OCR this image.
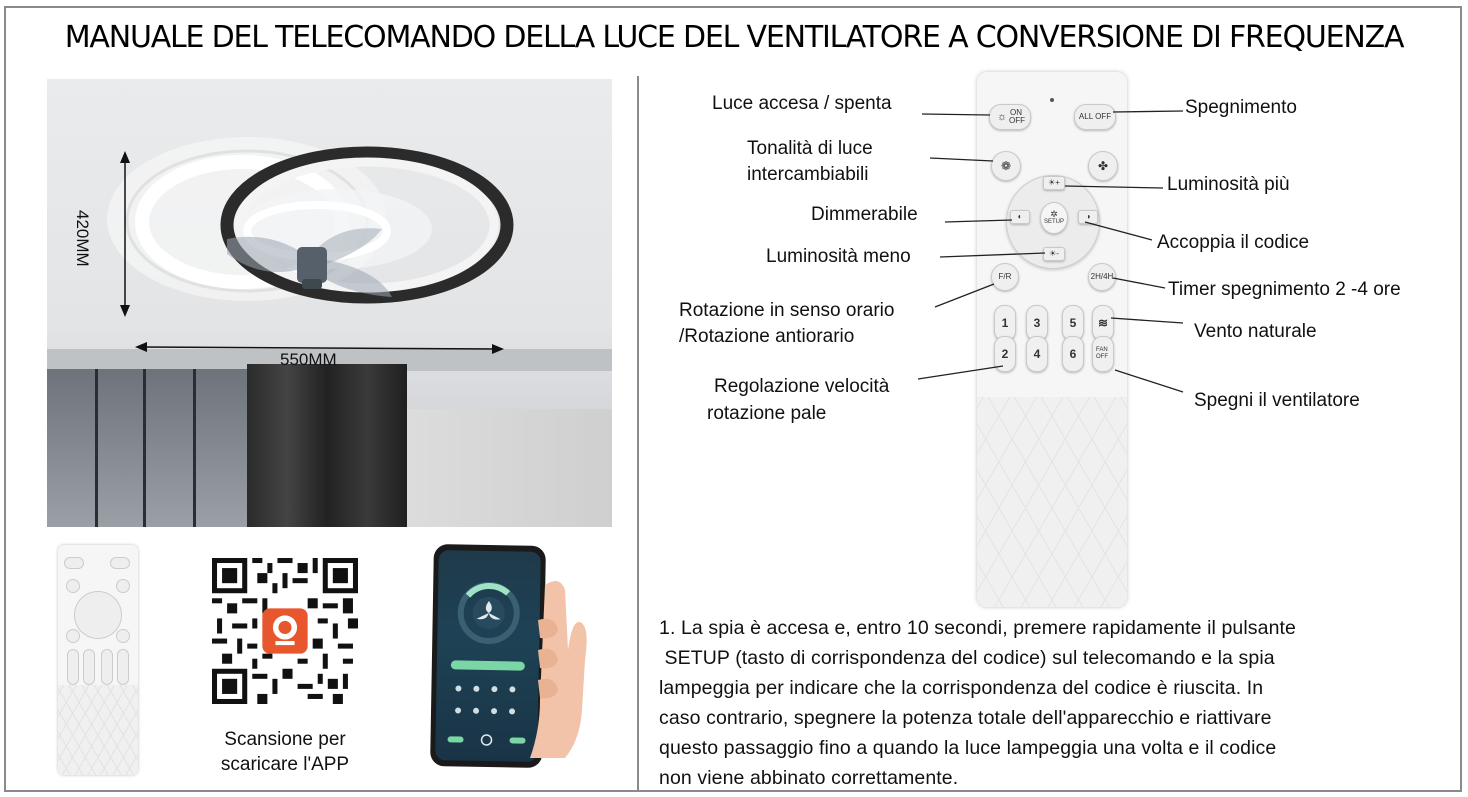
MANUALE DEL TELECOMANDO DELLA LUCE DEL VENTILATORE A CONVERSIONE DI FREQUENZA
420MM
550MM
☼ ON OFF	ALL OFF
❁	✤
☀+
☀-
◐	◑
✲
SETUP
F/R	2H/4H
1
2
3
4
5
6
≋
FAN OFF
Luce accesa / spenta	Spegnimento
Tonalità di luce
intercambiabili	Luminosità più
Dimmerabile
Accoppia il codice
Luminosità meno
Timer spegnimento 2 -4 ore
Rotazione in senso orario
/Rotazione antiorario	Vento naturale
Regolazione velocità
rotazione pale
Spegni il ventilatore
Scansione per
scaricare l'APP

1. La spia è accesa e, entro 10 secondi, premere rapidamente il pulsante

SETUP (tasto di corrispondenza del codice) sul telecomando e la spia

lampeggia per indicare che la corrispondenza del codice è riuscita. In

caso contrario, spegnere la potenza totale dell'apparecchio e riattivare

questo passaggio fino a quando la luce lampeggia una volta e il codice

non viene abbinato correttamente.
